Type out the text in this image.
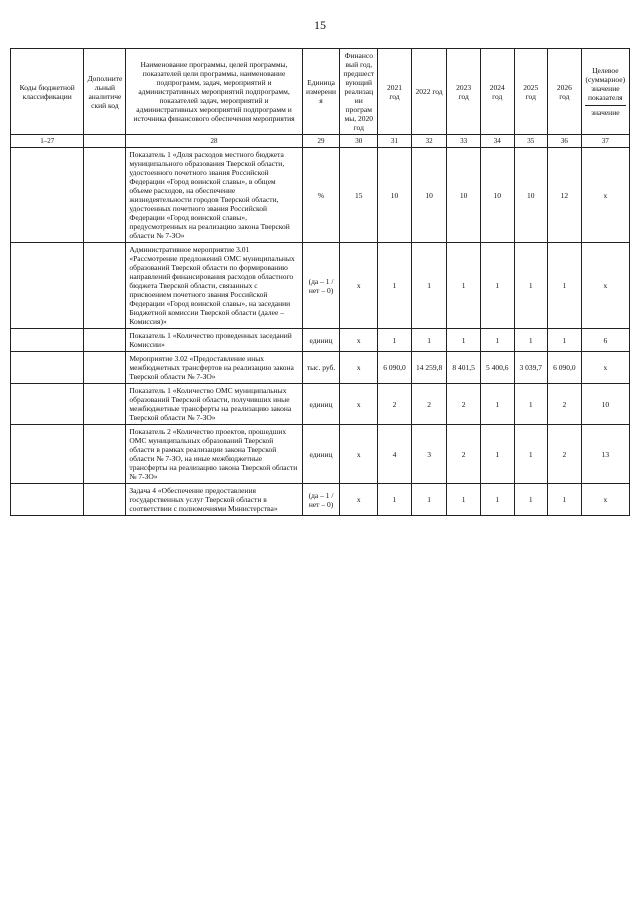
15
Коды бюджетной классификации	Дополнительный аналитический код	Наименование программы, целей программы, показателей цели программы, наименование подпрограмм, задач, мероприятий и административных мероприятий подпрограмм, показателей задач, мероприятий и административных мероприятий подпрограмм и источника финансового обеспечения мероприятия	Единица измерения	Финансовый год, предшествующий реализации программы, 2020 год	2021 год	2022 год	2023 год	2024 год	2025 год	2026 год	Целевое (суммарное) значение показателя
значение

1–27		28	29	30	31	32	33	34	35	36	37
		Показатель 1 «Доля расходов местного бюджета муниципального образования Тверской области, удостоенного почетного звания Российской Федерации «Город воинской славы», в общем объеме расходов, на обеспечение жизнедеятельности городов Тверской области, удостоенных почетного звания Российской Федерации «Город воинской славы», предусмотренных на реализацию закона Тверской области № 7-ЗО»	%	15	10	10	10	10	10	12	х
		Административное мероприятие 3.01 «Рассмотрение предложений ОМС муниципальных образований Тверской области по формированию направлений финансирования расходов областного бюджета Тверской области, связанных с присвоением почетного звания Российской Федерации «Город воинской славы», на заседании Бюджетной комиссии Тверской области (далее – Комиссия)»	(да – 1 / нет – 0)	х	1	1	1	1	1	1	х
		Показатель 1 «Количество проведенных заседаний Комиссии»	единиц	х	1	1	1	1	1	1	6
		Мероприятие 3.02 «Предоставление иных межбюджетных трансфертов на реализацию закона Тверской области № 7-ЗО»	тыс. руб.	х	6 090,0	14 259,8	8 401,5	5 400,6	3 039,7	6 090,0	х
		Показатель 1 «Количество ОМС муниципальных образований Тверской области, получивших иные межбюджетные трансферты на реализацию закона Тверской области № 7-ЗО»	единиц	х	2	2	2	1	1	2	10
		Показатель 2 «Количество проектов, прошедших ОМС муниципальных образований Тверской области в рамках реализации закона Тверской области № 7-ЗО, на иные межбюджетные трансферты на реализацию закона Тверской области № 7-ЗО»	единиц	х	4	3	2	1	1	2	13
		Задача 4 «Обеспечение предоставления государственных услуг Тверской области в соответствии с полномочиями Министерства»	(да – 1 / нет – 0)	х	1	1	1	1	1	1	х
